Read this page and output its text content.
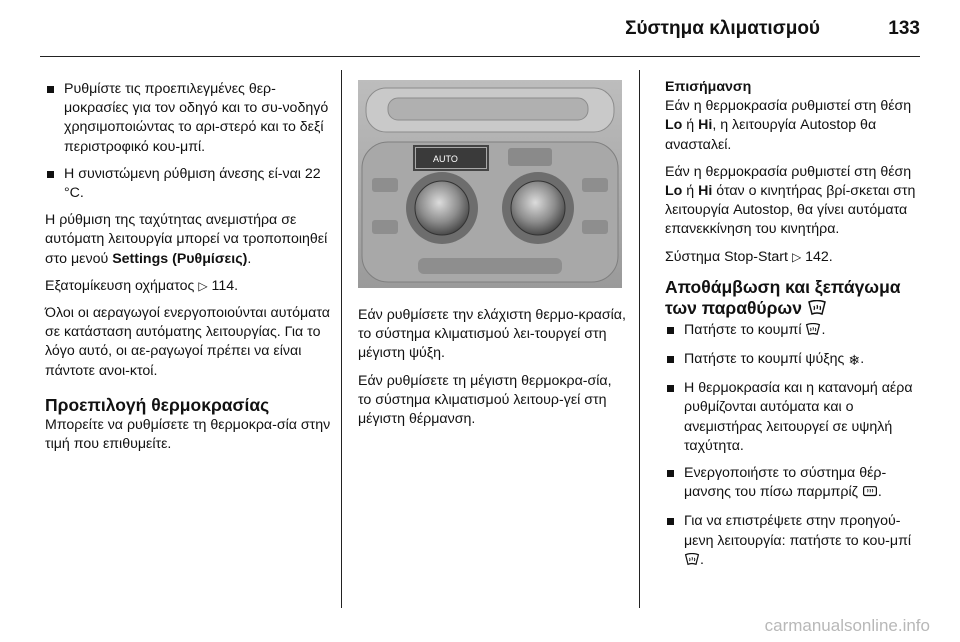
Σύστημα κλιματισμού	133
Ρυθμίστε τις προεπιλεγμένες θερ-μοκρασίες για τον οδηγό και το συ-νοδηγό χρησιμοποιώντας το αρι-στερό και το δεξί περιστροφικό κου-μπί.
Η συνιστώμενη ρύθμιση άνεσης εί-ναι 22 °C.

Η ρύθμιση της ταχύτητας ανεμιστήρα σε αυτόματη λειτουργία μπορεί να τροποποιηθεί στο μενού Settings (Ρυθμίσεις).

Εξατομίκευση οχήματος ▷ 114.

Όλοι οι αεραγωγοί ενεργοποιούνται αυτόματα σε κατάσταση αυτόματης λειτουργίας. Για το λόγο αυτό, οι αε-ραγωγοί πρέπει να είναι πάντοτε ανοι-κτοί.

Προεπιλογή θερμοκρασίας

Μπορείτε να ρυθμίσετε τη θερμοκρα-σία στην τιμή που επιθυμείτε.

AUTO

Εάν ρυθμίσετε την ελάχιστη θερμο-κρασία, το σύστημα κλιματισμού λει-τουργεί στη μέγιστη ψύξη.

Εάν ρυθμίσετε τη μέγιστη θερμοκρα-σία, το σύστημα κλιματισμού λειτουρ-γεί στη μέγιστη θέρμανση.

Επισήμανση

Εάν η θερμοκρασία ρυθμιστεί στη θέση Lo ή Hi, η λειτουργία Autostop θα ανασταλεί.

Εάν η θερμοκρασία ρυθμιστεί στη θέση Lo ή Hi όταν ο κινητήρας βρί-σκεται στη λειτουργία Autostop, θα γίνει αυτόματα επανεκκίνηση του κινητήρα.

Σύστημα Stop-Start ▷ 142.

Αποθάμβωση και ξεπάγωμα των παραθύρων
Πατήστε το κουμπί .
Πατήστε το κουμπί ψύξης ❄.
Η θερμοκρασία και η κατανομή αέρα ρυθμίζονται αυτόματα και ο ανεμιστήρας λειτουργεί σε υψηλή ταχύτητα.
Ενεργοποιήστε το σύστημα θέρ-μανσης του πίσω παρμπρίζ .
Για να επιστρέψετε στην προηγού-μενη λειτουργία: πατήστε το κου-μπί .
carmanualsonline.info
